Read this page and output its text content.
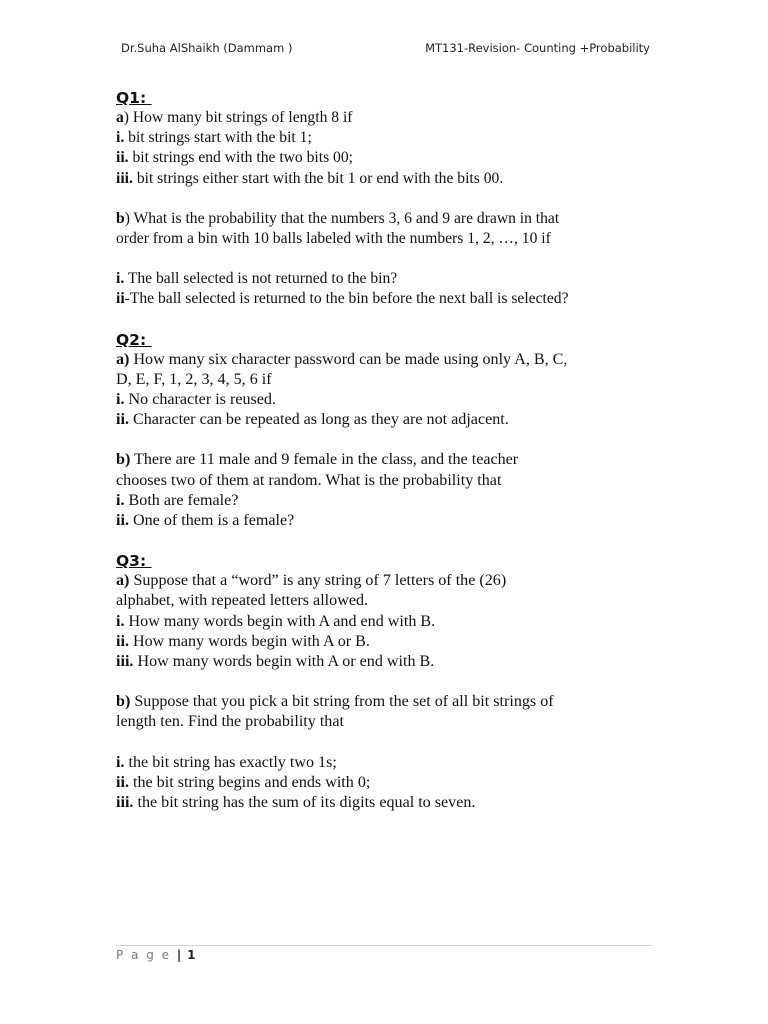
Dr.Suha AlShaikh (Dammam )	MT131-Revision- Counting +Probability
Q1:
a) How many bit strings of length 8 if
i. bit strings start with the bit 1;
ii. bit strings end with the two bits 00;
iii. bit strings either start with the bit 1 or end with the bits 00.
b) What is the probability that the numbers 3, 6 and 9 are drawn in that
order from a bin with 10 balls labeled with the numbers 1, 2, …, 10 if
i. The ball selected is not returned to the bin?
ii-The ball selected is returned to the bin before the next ball is selected?
Q2:
a) How many six character password can be made using only A, B, C,
D, E, F, 1, 2, 3, 4, 5, 6 if
i. No character is reused.
ii. Character can be repeated as long as they are not adjacent.
b) There are 11 male and 9 female in the class, and the teacher
chooses two of them at random. What is the probability that
i. Both are female?
ii. One of them is a female?
Q3:
a) Suppose that a “word” is any string of 7 letters of the (26)
alphabet, with repeated letters allowed.
i. How many words begin with A and end with B.
ii. How many words begin with A or B.
iii. How many words begin with A or end with B.
b) Suppose that you pick a bit string from the set of all bit strings of
length ten. Find the probability that
i. the bit string has exactly two 1s;
ii. the bit string begins and ends with 0;
iii. the bit string has the sum of its digits equal to seven.
P a g e | 1
